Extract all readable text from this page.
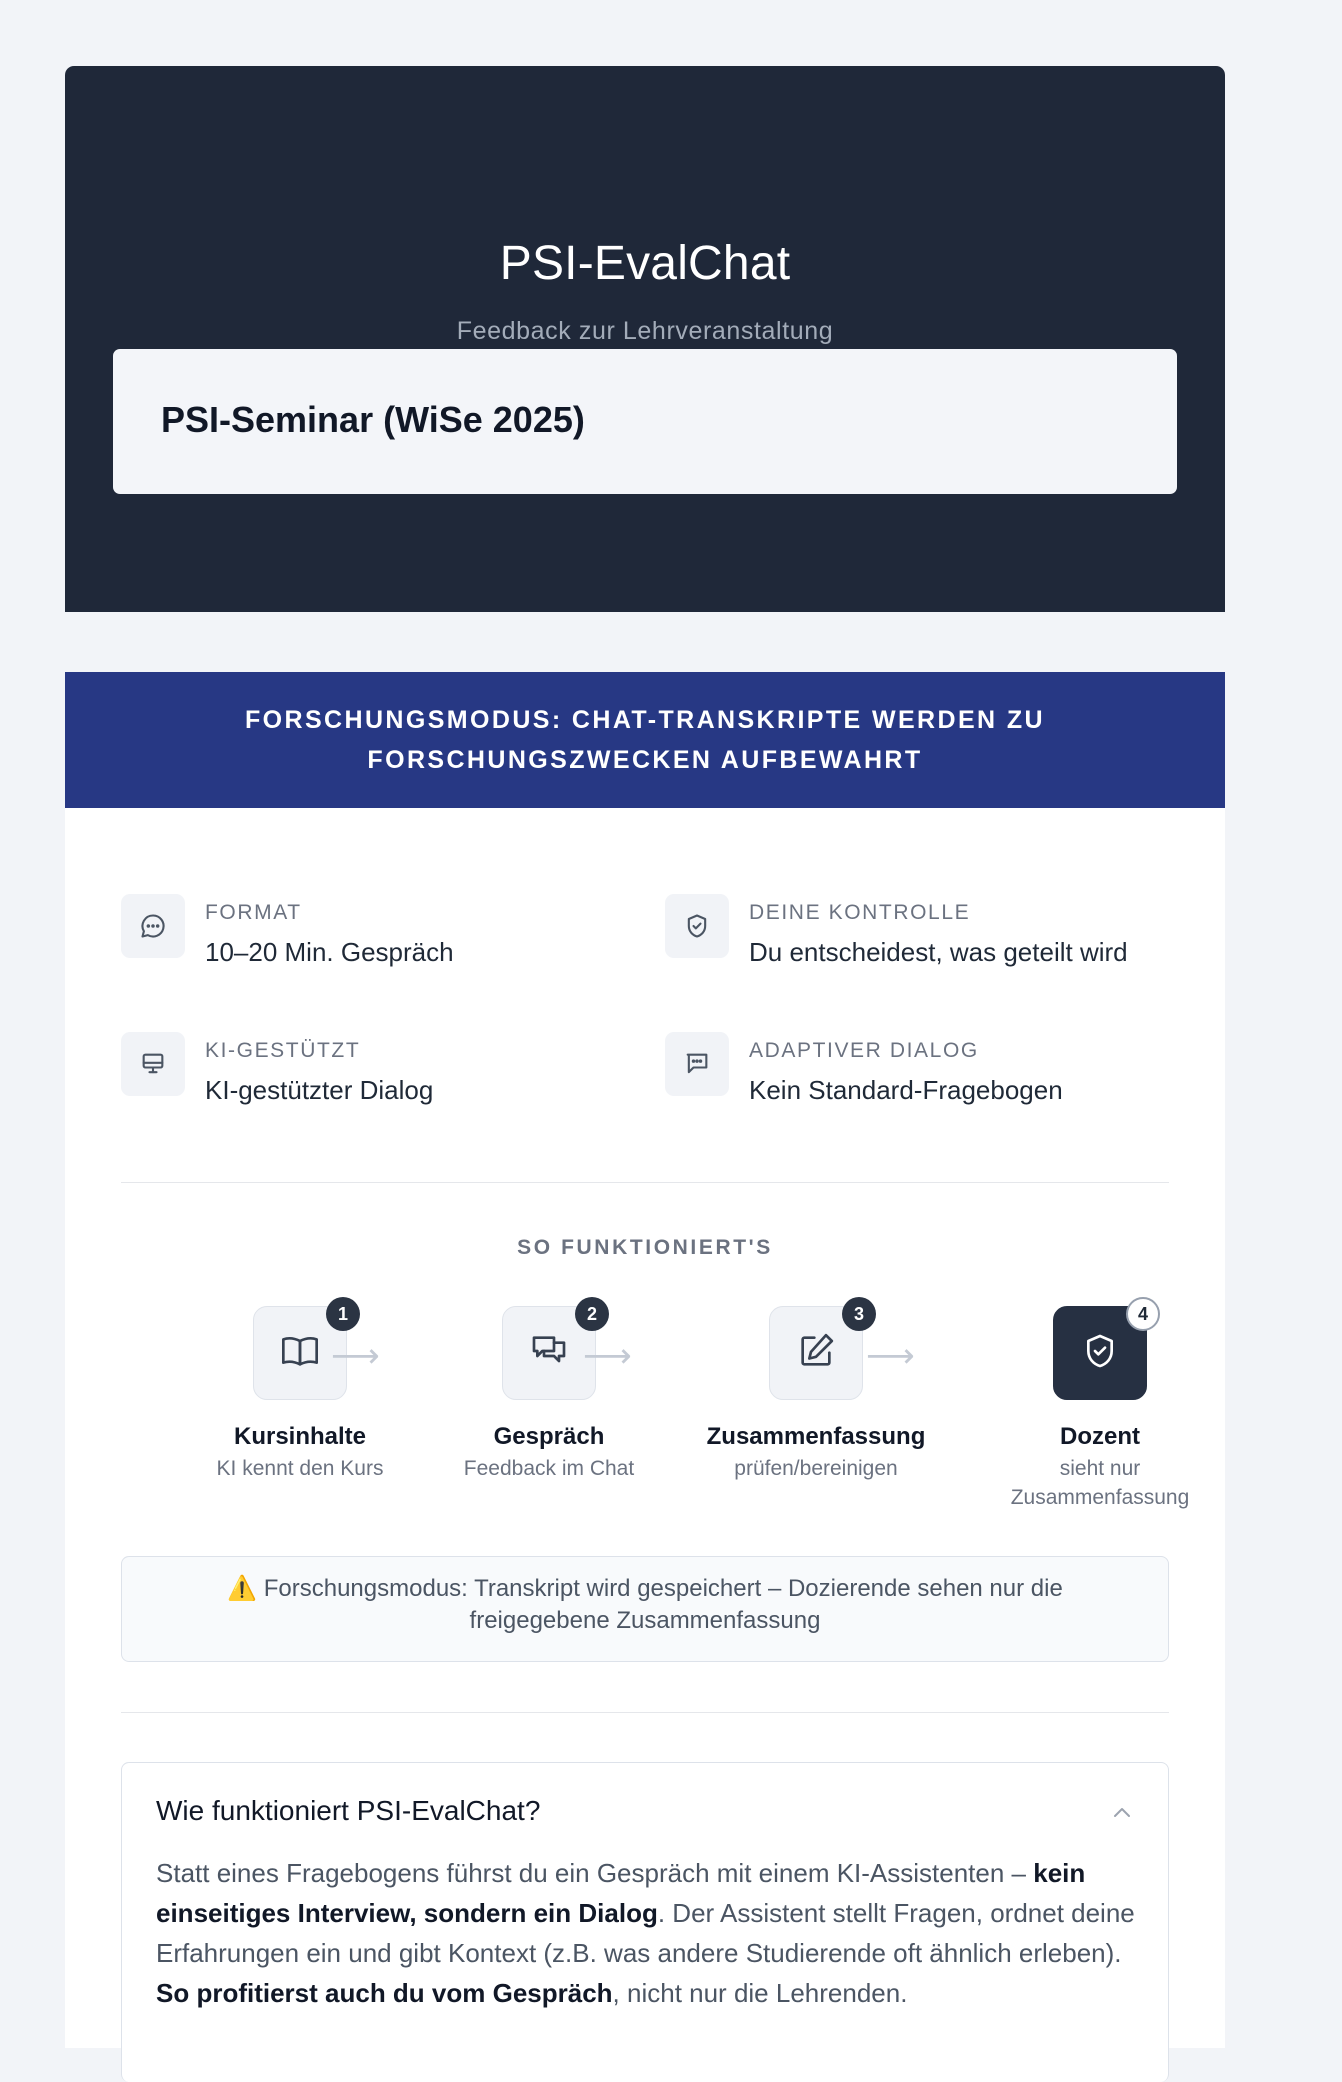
PSI-EvalChat
Feedback zur Lehrveranstaltung
PSI-Seminar (WiSe 2025)
FORSCHUNGSMODUS: CHAT-TRANSKRIPTE WERDEN ZU FORSCHUNGSZWECKEN AUFBEWAHRT
FORMAT
10–20 Min. Gespräch
DEINE KONTROLLE
Du entscheidest, was geteilt wird
KI-GESTÜTZT
KI-gestützter Dialog
ADAPTIVER DIALOG
Kein Standard-Fragebogen
SO FUNKTIONIERT'S
1
Kursinhalte
KI kennt den Kurs
⟶
2
Gespräch
Feedback im Chat
⟶
3
Zusammenfassung
prüfen/bereinigen
⟶
4
Dozent
sieht nur Zusammenfassung
⚠️ Forschungsmodus: Transkript wird gespeichert – Dozierende sehen nur die freigegebene Zusammenfassung
Wie funktioniert PSI-EvalChat?
Statt eines Fragebogens führst du ein Gespräch mit einem KI-Assistenten – kein einseitiges Interview, sondern ein Dialog. Der Assistent stellt Fragen, ordnet deine Erfahrungen ein und gibt Kontext (z.B. was andere Studierende oft ähnlich erleben). So profitierst auch du vom Gespräch, nicht nur die Lehrenden.
